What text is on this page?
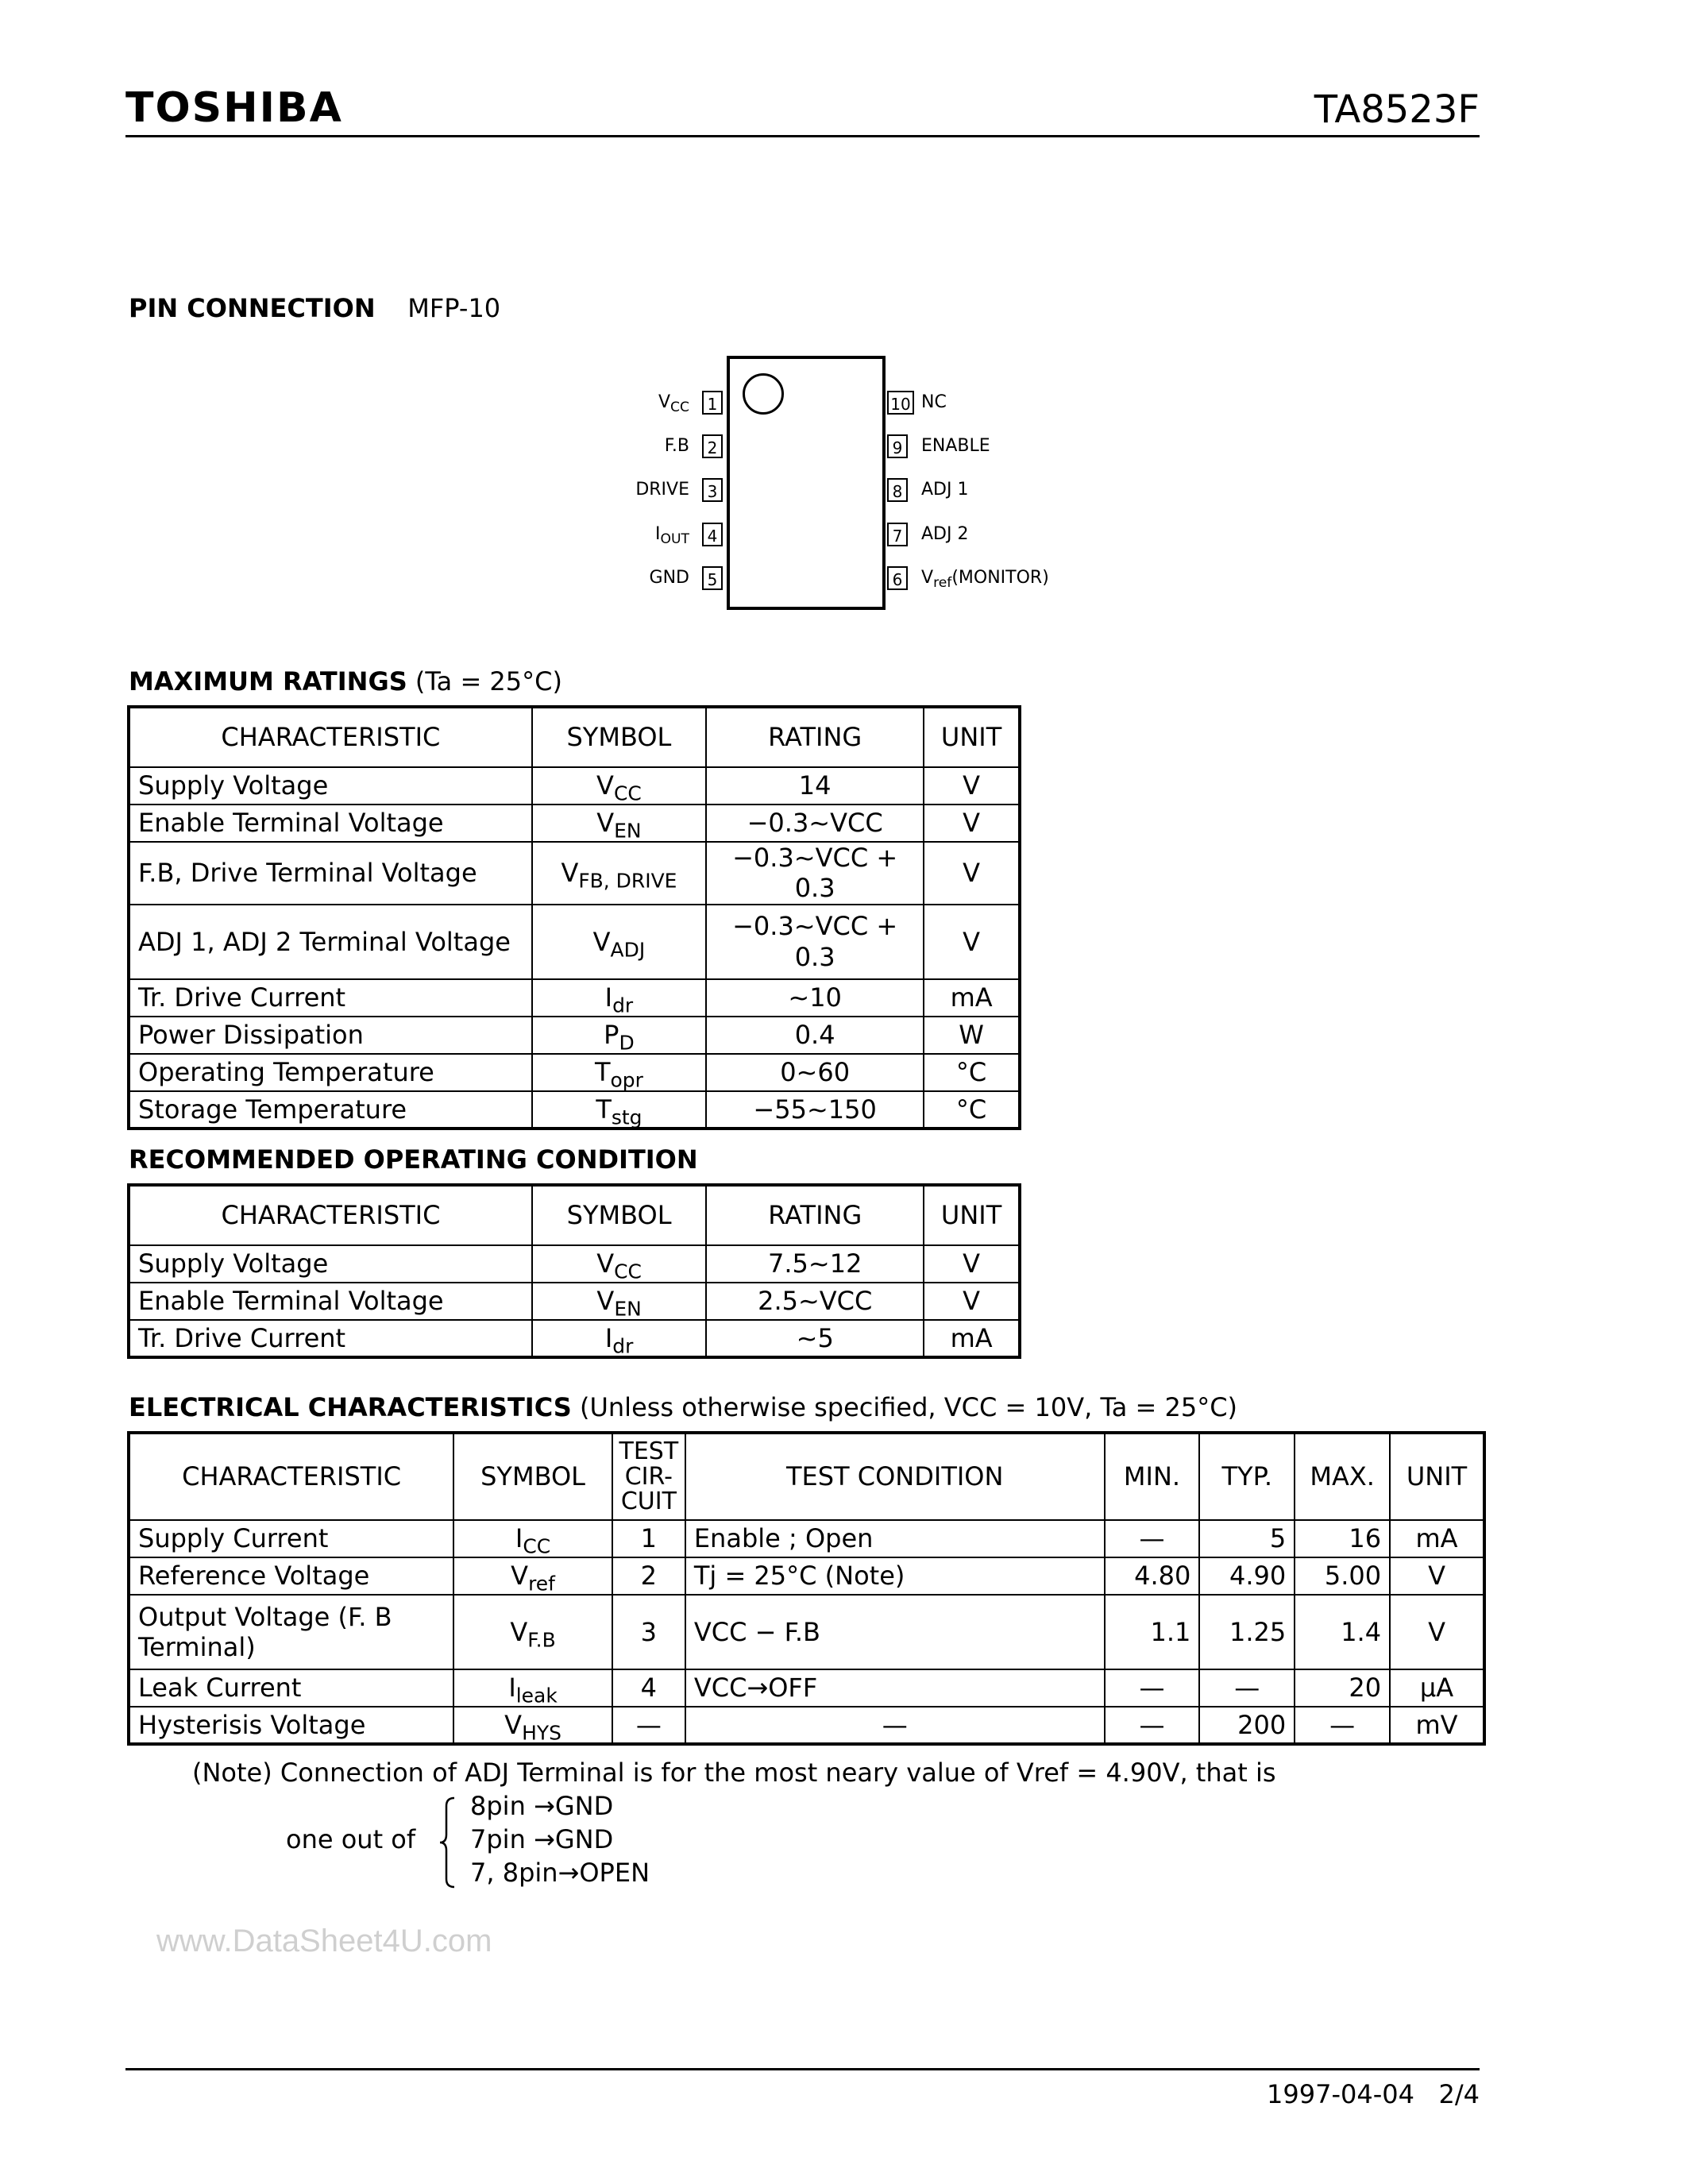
TOSHIBA	TA8523F
PIN CONNECTION MFP-10
$V_{CC}$	1
F.B	2
DRIVE	3
$I_{OUT}$	4
GND	5
10 NC
9	ENABLE
8	ADJ 1
7	ADJ 2
6	$V_{ref}(MONITOR)$
MAXIMUM RATINGS (Ta = 25°C)
CHARACTERISTIC	SYMBOL	RATING	UNIT
Supply Voltage	$V_{CC}$	14	V
Enable Terminal Voltage	$V_{EN}$	−0.3~VCC	V
F.B, Drive Terminal Voltage	$V_{FB, DRIVE}$	−0.3~VCC + 0.3	V
ADJ 1, ADJ 2 Terminal Voltage	$V_{ADJ}$	−0.3~VCC + 0.3	V
Tr. Drive Current	$I_{dr}$	~10	mA
Power Dissipation	$P_D$	0.4	W
Operating Temperature	$T_{opr}$	0~60	°C
Storage Temperature	$T_{stg}$	−55~150	°C
RECOMMENDED OPERATING CONDITION
CHARACTERISTIC	SYMBOL	RATING	UNIT
Supply Voltage	$V_{CC}$	7.5~12	V
Enable Terminal Voltage	$V_{EN}$	2.5~VCC	V
Tr. Drive Current	$I_{dr}$	~5	mA
ELECTRICAL CHARACTERISTICS (Unless otherwise specified, VCC = 10V, Ta = 25°C)
CHARACTERISTIC	SYMBOL	TEST CIR-CUIT	TEST CONDITION	MIN.	TYP.	MAX.	UNIT
Supply Current	$I_{CC}$	1	Enable ; Open	—	5	16	mA
Reference Voltage	$V_{ref}$	2	Tj = 25°C (Note)	4.80	4.90	5.00	V
Output Voltage (F. B Terminal)	$V_{F.B}$	3	VCC − F.B	1.1	1.25	1.4	V
Leak Current	$I_{leak}$	4	VCC→OFF	—	—	20	μA
Hysterisis Voltage	$V_{HYS}$	—	—	—	200	—	mV
(Note) Connection of ADJ Terminal is for the most neary value of Vref = 4.90V, that is
one out of
8pin →GND
7pin →GND
7, 8pin→OPEN
www.DataSheet4U.com
1997-04-04 2/4
